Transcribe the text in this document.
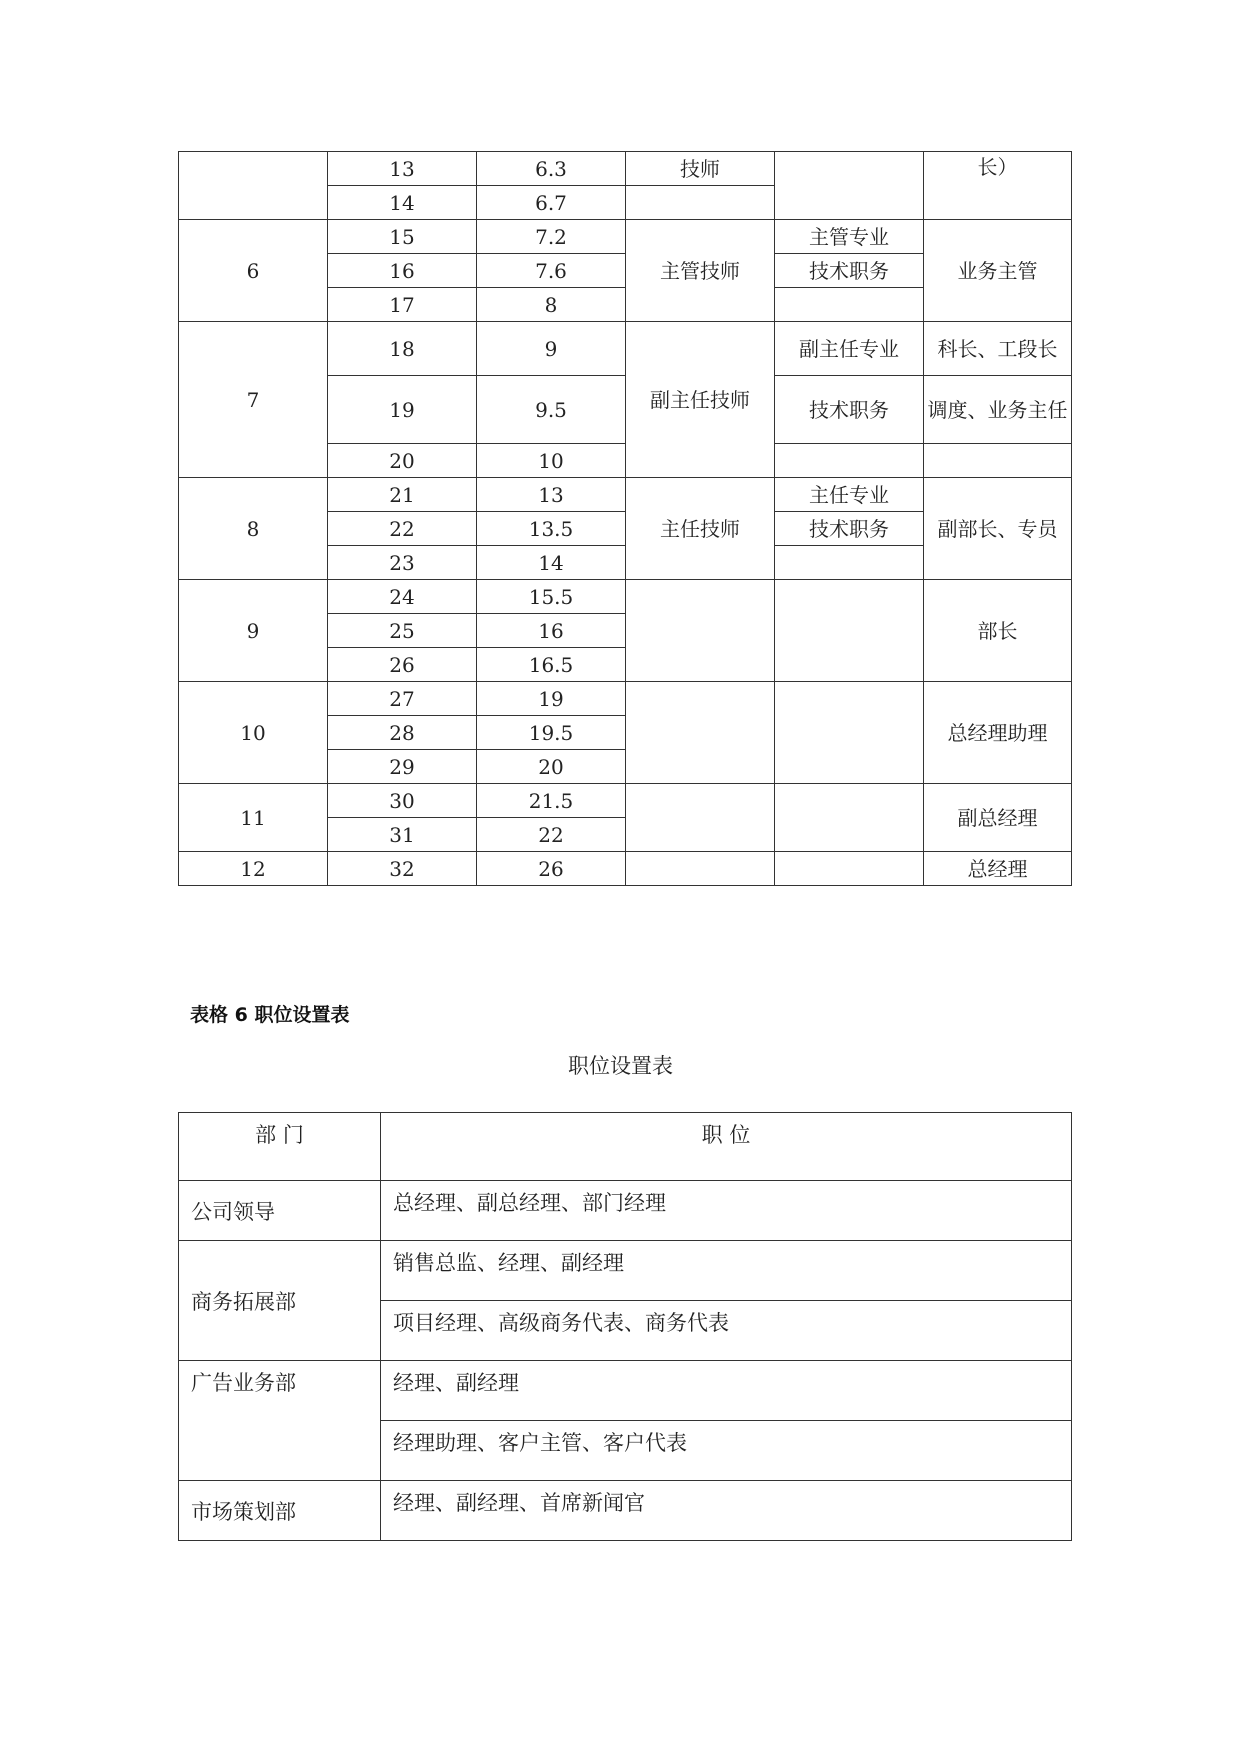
	13	6.3	技师		长）
	14	6.7			
6	15	7.2	主管技师	主管专业	业务主管
	16	7.6		技术职务	
	17	8			
7	18	9	副主任技师	副主任专业	科长、工段长
	19	9.5		技术职务	调度、业务主任
	20	10			
8	21	13	主任技师	主任专业	副部长、专员
	22	13.5		技术职务	
	23	14			
9	24	15.5			部长
	25	16			
	26	16.5			
10	27	19			总经理助理
	28	19.5			
	29	20			
11	30	21.5			副总经理
	31	22			
12	32	26			总经理
表格 6 职位设置表
职位设置表
部 门	职 位
公司领导	总经理、副总经理、部门经理
商务拓展部	销售总监、经理、副经理
	项目经理、高级商务代表、商务代表
广告业务部	经理、副经理
	经理助理、客户主管、客户代表
市场策划部	经理、副经理、首席新闻官
